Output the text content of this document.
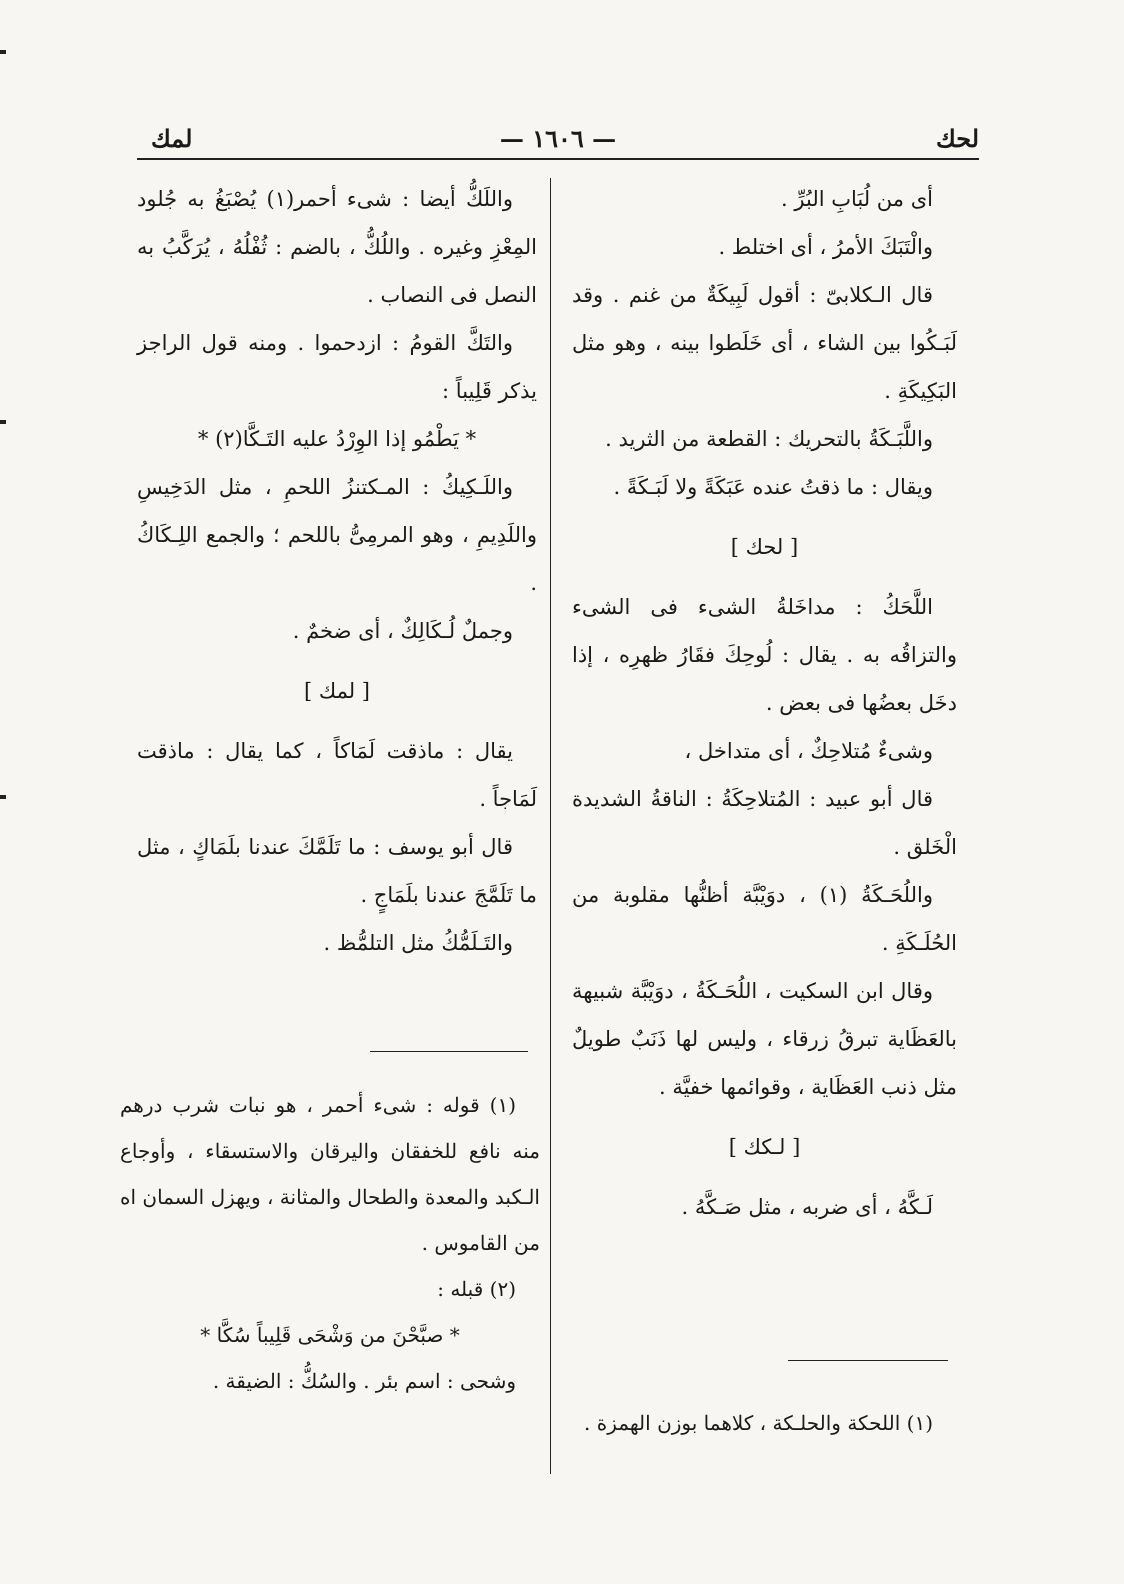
لحك
— ١٦٠٦ —
لمك

أى من لُبَابِ البُرِّ .

والْتَبَكَ الأمرُ ، أى اختلط .

قال الـكلابىّ : أقول لَبِيكَةٌ من غنم . وقد لَبَـكُوا بين الشاء ، أى خَلَطوا بينه ، وهو مثل البَكِيكَةِ .

واللَّبَـكَةُ بالتحريك : القطعة من الثريد .

ويقال : ما ذقتُ عنده عَبَكَةً ولا لَبَـكَةً .

[ لحك ]

اللَّحَكُ : مداخَلةُ الشىء فى الشىء والتزاقُه به . يقال : لُوحِكَ فقَارُ ظهرِه ، إذا دخَل بعضُها فى بعض .

وشىءٌ مُتلاحِكٌ ، أى متداخل ،

قال أبو عبيد : المُتلاحِكَةُ : الناقةُ الشديدة الْخَلق .

واللُحَـكَةُ (١) ، دوَيْبَّة أظنُّها مقلوبة من الحُلَـكَةِ .

وقال ابن السكيت ، اللُحَـكَةُ ، دوَيْبَّة شبيهة بالعَظَاية تبرقُ زرقاء ، وليس لها ذَنَبٌ طويلٌ مثل ذنب العَظَاية ، وقوائمها خفيَّة .

[ لـكك ]

لَـكَّهُ ، أى ضربه ، مثل صَـكَّهُ .

واللَكُّ أيضا : شىء أحمر(١) يُصْبَغُ به جُلود المِعْزِ وغيره . واللُكُّ ، بالضم : ثُفْلُهُ ، يُرَكَّبُ به النصل فى النصاب .

والتَكَّ القومُ : ازدحموا . ومنه قول الراجز يذكر قَلِيباً :

* يَطْمُو إذا الوِرْدُ عليه التَـكَّا(٢) *

واللَـكِيكُ : المـكتنزُ اللحمِ ، مثل الدَخِيسِ واللَدِيمِ ، وهو المرمِىُّ باللحم ؛ والجمع اللِـكَاكُ .

وجملٌ لُـكَالِكٌ ، أى ضخمٌ .

[ لمك ]

يقال : ماذقت لَمَاكاً ، كما يقال : ماذقت لَمَاجاً .

قال أبو يوسف : ما تَلَمَّكَ عندنا بلَمَاكٍ ، مثل ما تَلَمَّجَ عندنا بلَمَاجٍ .

والتَـلَمُّكُ مثل التلمُّظ .

(١) قوله : شىء أحمر ، هو نبات شرب درهم منه نافع للخفقان واليرقان والاستسقاء ، وأوجاع الـكبد والمعدة والطحال والمثانة ، ويهزل السمان اه من القاموس .

(٢) قبله :

* صبَّحْنَ من وَشْحَى قَلِيباً سُكَّا *

وشحى : اسم بئر . والسُكُّ : الضيقة .

(١) اللحكة والحلـكة ، كلاهما بوزن الهمزة .
